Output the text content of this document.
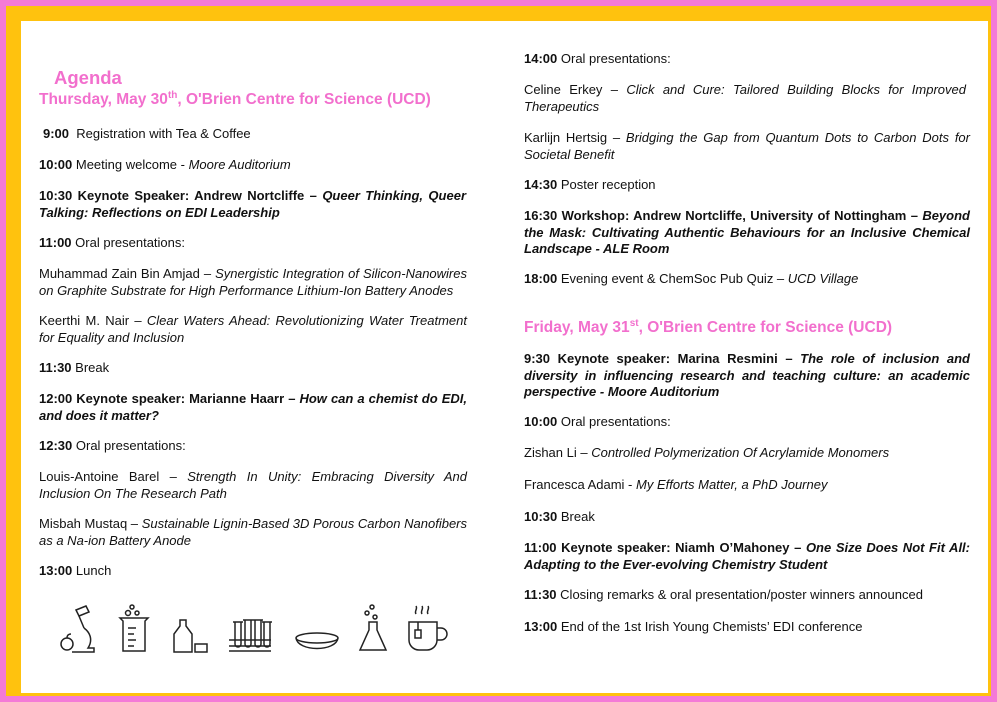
Agenda
Thursday, May 30th, O'Brien Centre for Science (UCD)

9:00 Registration with Tea & Coffee

10:00 Meeting welcome - Moore Auditorium

10:30 Keynote Speaker: Andrew Nortcliffe – Queer Thinking, Queer Talking: Reflections on EDI Leadership

11:00 Oral presentations:

Muhammad Zain Bin Amjad – Synergistic Integration of Silicon-Nanowires on Graphite Substrate for High Performance Lithium-Ion Battery Anodes

Keerthi M. Nair – Clear Waters Ahead: Revolutionizing Water Treatment for Equality and Inclusion

11:30 Break

12:00 Keynote speaker: Marianne Haarr – How can a chemist do EDI, and does it matter?

12:30 Oral presentations:

Louis-Antoine Barel – Strength In Unity: Embracing Diversity And Inclusion On The Research Path

Misbah Mustaq – Sustainable Lignin-Based 3D Porous Carbon Nanofibers as a Na-ion Battery Anode

13:00 Lunch

14:00 Oral presentations:

Celine Erkey – Click and Cure: Tailored Building Blocks for Improved Therapeutics

Karlijn Hertsig – Bridging the Gap from Quantum Dots to Carbon Dots for Societal Benefit

14:30 Poster reception

16:30 Workshop: Andrew Nortcliffe, University of Nottingham – Beyond the Mask: Cultivating Authentic Behaviours for an Inclusive Chemical Landscape - ALE Room

18:00 Evening event & ChemSoc Pub Quiz – UCD Village

Friday, May 31st, O'Brien Centre for Science (UCD)

9:30 Keynote speaker: Marina Resmini – The role of inclusion and diversity in influencing research and teaching culture: an academic perspective - Moore Auditorium

10:00 Oral presentations:

Zishan Li – Controlled Polymerization Of Acrylamide Monomers

Francesca Adami - My Efforts Matter, a PhD Journey

10:30 Break

11:00 Keynote speaker: Niamh O’Mahoney – One Size Does Not Fit All: Adapting to the Ever-evolving Chemistry Student

11:30 Closing remarks & oral presentation/poster winners announced

13:00 End of the 1st Irish Young Chemists’ EDI conference
